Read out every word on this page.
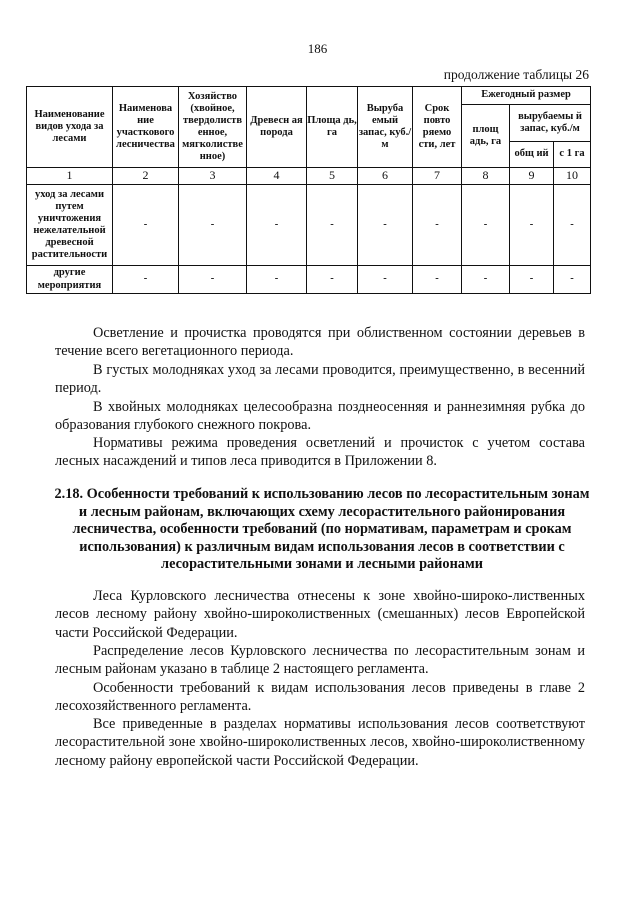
186
продолжение таблицы 26
Наименование видов ухода за лесами	Наименова ние участкового лесничества	Хозяйство (хвойное, твердолиств енное, мягколистве нное)	Древесн ая порода	Площа дь, га	Выруба емый запас, куб./м	Срок повто ряемо сти, лет	Ежегодный размер		
							площ адь, га	вырубаемы й запас, куб./м	
								общ ий	с 1 га
1	2	3	4	5	6	7	8	9	10
уход за лесами путем уничтожения нежелательной древесной растительности	-	-	-	-	-	-	-	-	-
другие мероприятия	-	-	-	-	-	-	-	-	-

Осветление и прочистка проводятся при облиственном состоянии деревьев в течение всего вегетационного периода.

В густых молодняках уход за лесами проводится, преимущественно, в весенний период.

В хвойных молодняках целесообразна позднеосенняя и раннезимняя рубка до образования глубокого снежного покрова.

Нормативы режима проведения осветлений и прочисток с учетом состава лесных насаждений и типов леса приводится в Приложении 8.

2.18. Особенности требований к использованию лесов по лесорастительным зонам и лесным районам, включающих схему лесорастительного районирования лесничества, особенности требований (по нормативам, параметрам и срокам использования) к различным видам использования лесов в соответствии с лесорастительными зонами и лесными районами

Леса Курловского лесничества отнесены к зоне хвойно-широко-лиственных лесов лесному району хвойно-широколиственных (смешанных) лесов Европейской части Российской Федерации.

Распределение лесов Курловского лесничества по лесорастительным зонам и лесным районам указано в таблице 2 настоящего регламента.

Особенности требований к видам использования лесов приведены в главе 2 лесохозяйственного регламента.

Все приведенные в разделах нормативы использования лесов соответствуют лесорастительной зоне хвойно-широколиственных лесов, хвойно-широколиственному лесному району европейской части Российской Федерации.
